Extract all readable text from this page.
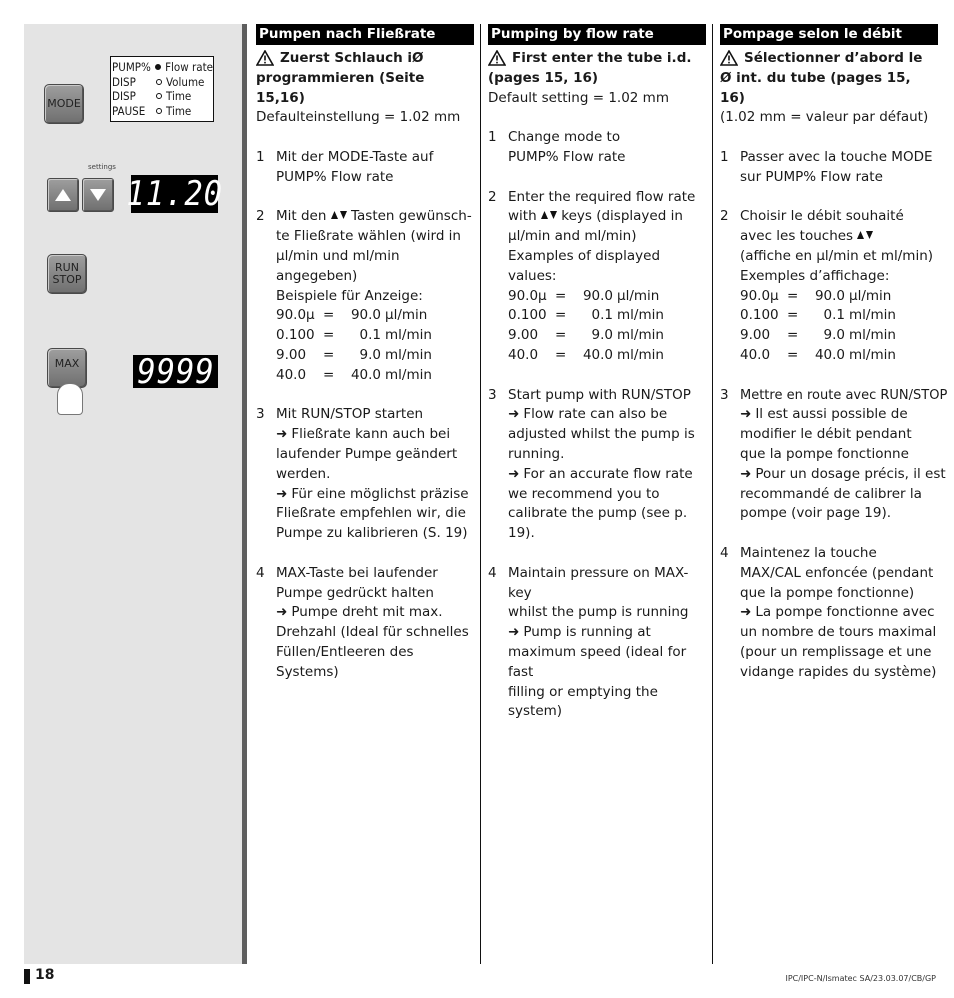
PUMP%	Flow rate
DISP	Volume
DISP	Time
PAUSE	Time
MODE
settings
11.20
RUN
STOP
MAX 9999
Pumpen nach Fließrate
Zuerst Schlauch iØ
programmieren (Seite 15,16)
Defaulteinstellung = 1.02 mm
1 Mit der MODE-Taste auf
PUMP% Flow rate
2 Mit den Tasten gewünsch-
te Fließrate wählen (wird in
µl/min und ml/min angegeben)
Beispiele für Anzeige:
90.0µ =	90.0 µl/min
0.100 =	0.1 ml/min
9.00	=	9.0 ml/min
40.0	=	40.0 ml/min
3 Mit RUN/STOP starten
➜ Fließrate kann auch bei
laufender Pumpe geändert
werden.
➜ Für eine möglichst präzise
Fließrate empfehlen wir, die
Pumpe zu kalibrieren (S. 19)
4 MAX-Taste bei laufender
Pumpe gedrückt halten
➜ Pumpe dreht mit max.
Drehzahl (Ideal für schnelles
Füllen/Entleeren des Systems)
Pumping by flow rate
First enter the tube i.d.
(pages 15, 16)
Default setting = 1.02 mm
1 Change mode to
PUMP% Flow rate
2 Enter the required flow rate
with keys (displayed in
µl/min and ml/min)
Examples of displayed values:
90.0µ =	90.0 µl/min
0.100 =	0.1 ml/min
9.00	=	9.0 ml/min
40.0	=	40.0 ml/min
3 Start pump with RUN/STOP
➜ Flow rate can also be
adjusted whilst the pump is
running.
➜ For an accurate flow rate
we recommend you to
calibrate the pump (see p. 19).
4 Maintain pressure on MAX-key
whilst the pump is running
➜ Pump is running at
maximum speed (ideal for fast
filling or emptying the system)
Pompage selon le débit
Sélectionner d’abord le
Ø int. du tube (pages 15, 16)
(1.02 mm = valeur par défaut)
1 Passer avec la touche MODE
sur PUMP% Flow rate
2 Choisir le débit souhaité
avec les touches
(affiche en µl/min et ml/min)
Exemples d’affichage:
90.0µ =	90.0 µl/min
0.100 =	0.1 ml/min
9.00	=	9.0 ml/min
40.0	=	40.0 ml/min
3 Mettre en route avec RUN/STOP
➜ Il est aussi possible de
modifier le débit pendant
que la pompe fonctionne
➜ Pour un dosage précis, il est
recommandé de calibrer la
pompe (voir page 19).
4 Maintenez la touche
MAX/CAL enfoncée (pendant
que la pompe fonctionne)
➜ La pompe fonctionne avec
un nombre de tours maximal
(pour un remplissage et une
vidange rapides du système)
18	IPC/IPC-N/Ismatec SA/23.03.07/CB/GP
